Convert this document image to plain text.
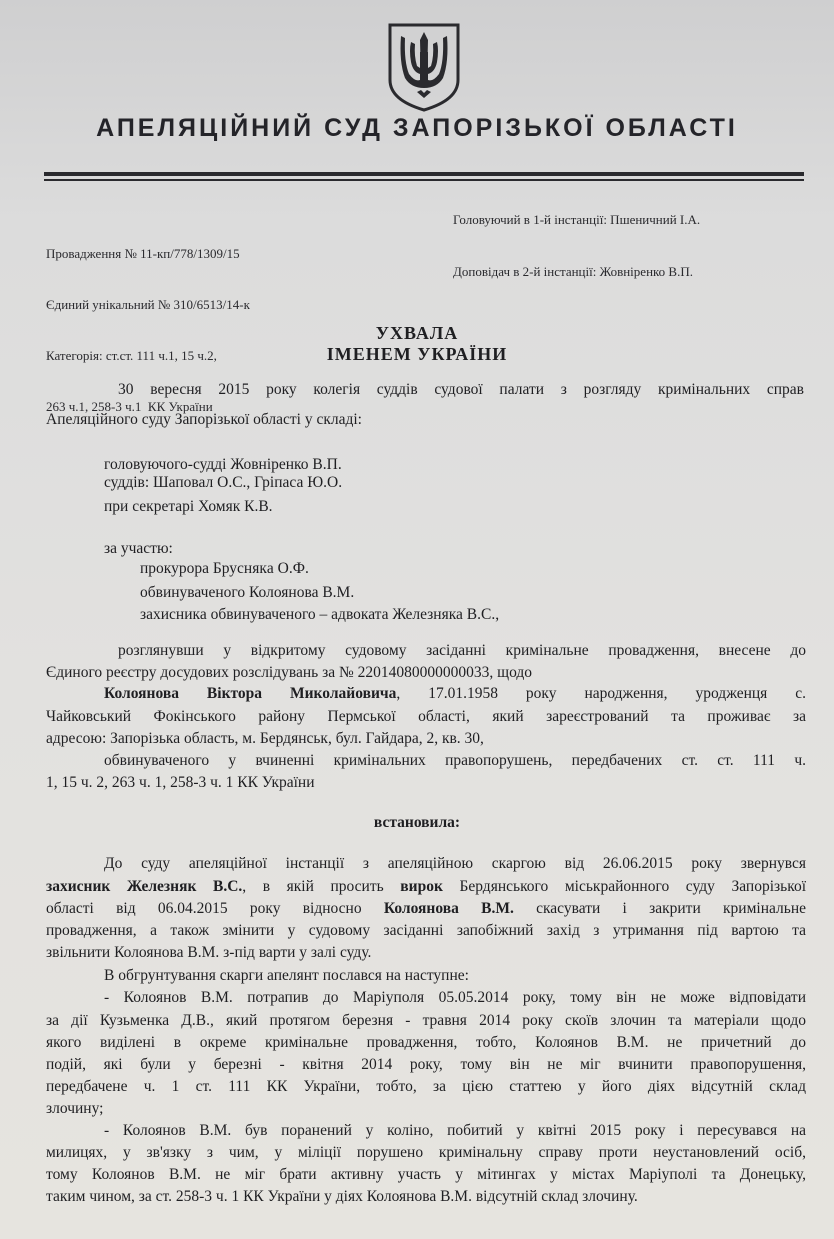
АПЕЛЯЦІЙНИЙ СУД ЗАПОРІЗЬКОЇ ОБЛАСТІ

Провадження № 11-кп/778/1309/15

Єдиний унікальний № 310/6513/14-к

Категорія: ст.ст. 111 ч.1, 15 ч.2,

263 ч.1, 258-3 ч.1  КК України

Головуючий в 1-й інстанції: Пшеничний І.А.
Доповідач в 2-й інстанції: Жовніренко В.П.
УХВАЛА
ІМЕНЕМ УКРАЇНИ
30 вересня 2015 року колегія суддів судової палати з розгляду кримінальних справ
Апеляційного суду Запорізької області у складі:
головуючого-судді Жовніренко В.П.
суддів: Шаповал О.С., Гріпаса Ю.О.
при секретарі Хомяк К.В.
за участю:
прокурора Бруснякa О.Ф.
обвинуваченого Колоянова В.М.
захисника обвинуваченого – адвоката Железняка В.С.,
розглянувши у відкритому судовому засіданні кримінальне провадження, внесене до
Єдиного реєстру досудових розслідувань за № 22014080000000033, щодо
Колоянова Віктора Миколайовича, 17.01.1958 року народження, уродженця с.
Чайковський Фокінського району Пермської області, який зареєстрований та проживає за
адресою: Запорізька область, м. Бердянськ, бул. Гайдара, 2, кв. 30,
обвинуваченого у вчиненні кримінальних правопорушень, передбачених ст. ст. 111 ч.
1, 15 ч. 2, 263 ч. 1, 258-3 ч. 1 КК України
встановила:
До суду апеляційної інстанції з апеляційною скаргою від 26.06.2015 року звернувся
захисник Железняк В.С., в якій просить вирок Бердянського міськрайонного суду Запорізької
області від 06.04.2015 року відносно Колоянова В.М. скасувати і закрити кримінальне
провадження, а також змінити у судовому засіданні запобіжний захід з утримання під вартою та
звільнити Колоянова В.М. з-під варти у залі суду.
В обгрунтування скарги апелянт послався на наступне:
- Колоянов В.М. потрапив до Маріуполя 05.05.2014 року, тому він не може відповідати
за дії Кузьменка Д.В., який протягом березня - травня 2014 року скоїв злочин та матеріали щодо
якого виділені в окреме кримінальне провадження, тобто, Колоянов В.М. не причетний до
подій, які були у березні - квітня 2014 року, тому він не міг вчинити правопорушення,
передбачене ч. 1 ст. 111 КК України, тобто, за цією статтею у його діях відсутній склад
злочину;
- Колоянов В.М. був поранений у коліно, побитий у квітні 2015 року і пересувався на
милицях, у зв'язку з чим, у міліції порушено кримінальну справу проти неустановлений осіб,
тому Колоянов В.М. не міг брати активну участь у мітингах у містах Маріуполі та Донецьку,
таким чином, за ст. 258-3 ч. 1 КК України у діях Колоянова В.М. відсутній склад злочину.
